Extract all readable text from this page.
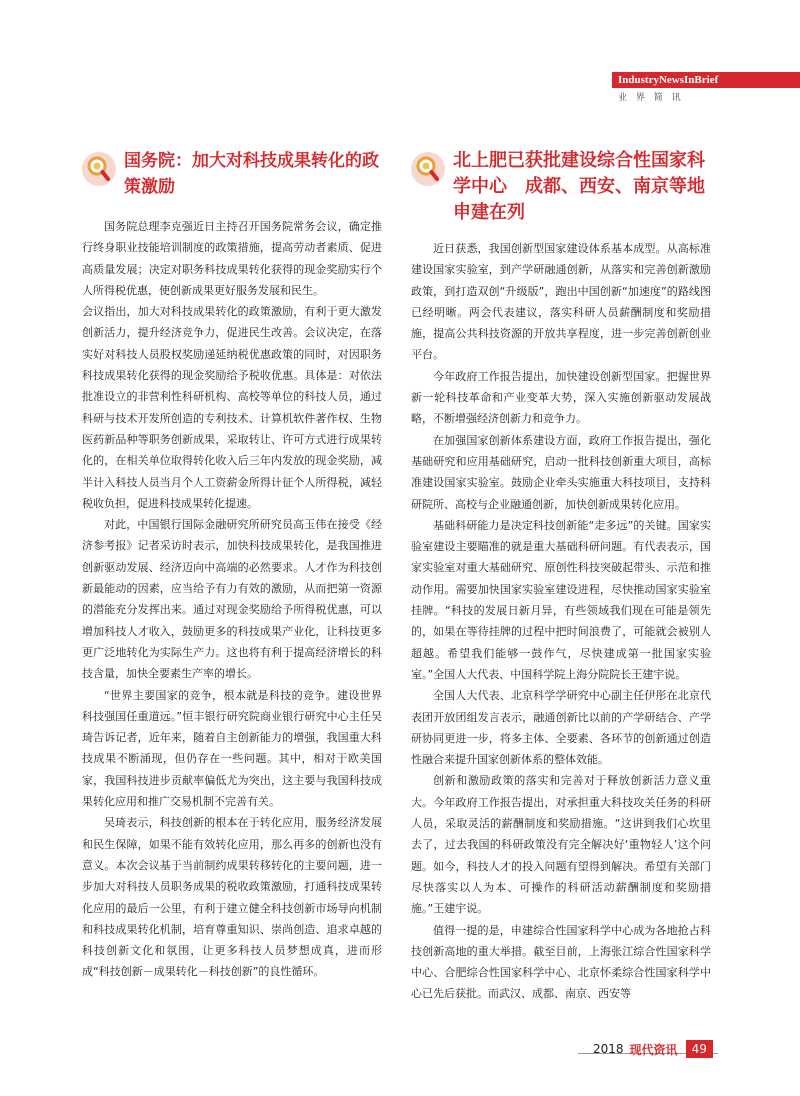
IndustryNewsInBrief
业 界 简 讯
国务院：加大对科技成果转化的政策激励

国务院总理李克强近日主持召开国务院常务会议，确定推行终身职业技能培训制度的政策措施，提高劳动者素质、促进高质量发展；决定对职务科技成果转化获得的现金奖励实行个人所得税优惠，使创新成果更好服务发展和民生。

会议指出，加大对科技成果转化的政策激励，有利于更大激发创新活力，提升经济竞争力，促进民生改善。会议决定，在落实好对科技人员股权奖励递延纳税优惠政策的同时，对因职务科技成果转化获得的现金奖励给予税收优惠。具体是：对依法批准设立的非营利性科研机构、高校等单位的科技人员，通过科研与技术开发所创造的专利技术、计算机软件著作权、生物医药新品种等职务创新成果，采取转让、许可方式进行成果转化的，在相关单位取得转化收入后三年内发放的现金奖励，减半计入科技人员当月个人工资薪金所得计征个人所得税，减轻税收负担，促进科技成果转化提速。

对此，中国银行国际金融研究所研究员高玉伟在接受《经济参考报》记者采访时表示，加快科技成果转化，是我国推进创新驱动发展、经济迈向中高端的必然要求。人才作为科技创新最能动的因素，应当给予有力有效的激励，从而把第一资源的潜能充分发挥出来。通过对现金奖励给予所得税优惠，可以增加科技人才收入，鼓励更多的科技成果产业化，让科技更多更广泛地转化为实际生产力。这也将有利于提高经济增长的科技含量，加快全要素生产率的增长。

“世界主要国家的竞争，根本就是科技的竞争。建设世界科技强国任重道远。”恒丰银行研究院商业银行研究中心主任吴琦告诉记者，近年来，随着自主创新能力的增强，我国重大科技成果不断涌现，但仍存在一些问题。其中，相对于欧美国家，我国科技进步贡献率偏低尤为突出，这主要与我国科技成果转化应用和推广交易机制不完善有关。

吴琦表示，科技创新的根本在于转化应用，服务经济发展和民生保障，如果不能有效转化应用，那么再多的创新也没有意义。本次会议基于当前制约成果转移转化的主要问题，进一步加大对科技人员职务成果的税收政策激励，打通科技成果转化应用的最后一公里，有利于建立健全科技创新市场导向机制和科技成果转化机制，培育尊重知识、崇尚创造、追求卓越的科技创新文化和氛围，让更多科技人员梦想成真，进而形成“科技创新－成果转化－科技创新”的良性循环。

北上肥已获批建设综合性国家科学中心　成都、西安、南京等地申建在列

近日获悉，我国创新型国家建设体系基本成型。从高标准建设国家实验室，到产学研融通创新，从落实和完善创新激励政策，到打造双创“升级版”，跑出中国创新“加速度”的路线图已经明晰。两会代表建议，落实科研人员薪酬制度和奖励措施，提高公共科技资源的开放共享程度，进一步完善创新创业平台。

今年政府工作报告提出，加快建设创新型国家。把握世界新一轮科技革命和产业变革大势，深入实施创新驱动发展战略，不断增强经济创新力和竞争力。

在加强国家创新体系建设方面，政府工作报告提出，强化基础研究和应用基础研究，启动一批科技创新重大项目，高标准建设国家实验室。鼓励企业牵头实施重大科技项目，支持科研院所、高校与企业融通创新，加快创新成果转化应用。

基础科研能力是决定科技创新能“走多远”的关键。国家实验室建设主要瞄准的就是重大基础科研问题。有代表表示，国家实验室对重大基础研究、原创性科技突破起带头、示范和推动作用。需要加快国家实验室建设进程，尽快推动国家实验室挂牌。“科技的发展日新月异，有些领域我们现在可能是领先的，如果在等待挂牌的过程中把时间浪费了，可能就会被别人超越。希望我们能够一鼓作气，尽快建成第一批国家实验室。”全国人大代表、中国科学院上海分院院长王建宇说。

全国人大代表、北京科学学研究中心副主任伊彤在北京代表团开放团组发言表示，融通创新比以前的产学研结合、产学研协同更进一步，将多主体、全要素、各环节的创新通过创造性融合来提升国家创新体系的整体效能。

创新和激励政策的落实和完善对于释放创新活力意义重大。今年政府工作报告提出，对承担重大科技攻关任务的科研人员，采取灵活的薪酬制度和奖励措施。“这讲到我们心坎里去了，过去我国的科研政策没有完全解决好‘重物轻人’这个问题。如今，科技人才的投入问题有望得到解决。希望有关部门尽快落实以人为本、可操作的科研活动薪酬制度和奖励措施。”王建宇说。

值得一提的是，申建综合性国家科学中心成为各地抢占科技创新高地的重大举措。截至目前，上海张江综合性国家科学中心、合肥综合性国家科学中心、北京怀柔综合性国家科学中心已先后获批。而武汉、成都、南京、西安等

2018 现代资讯	49
